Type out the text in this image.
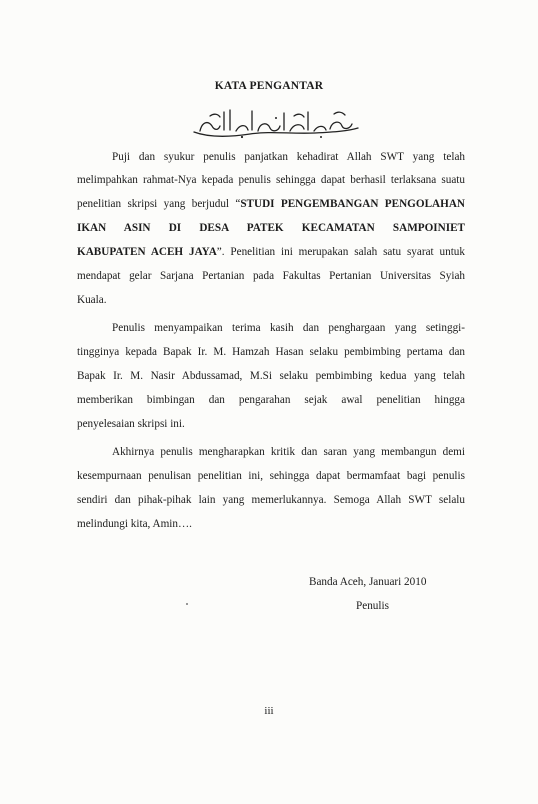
KATA PENGANTAR
Puji dan syukur penulis panjatkan kehadirat Allah SWT yang telah
melimpahkan rahmat-Nya kepada penulis sehingga dapat berhasil terlaksana suatu
penelitian skripsi yang berjudul “STUDI PENGEMBANGAN PENGOLAHAN
IKAN ASIN DI DESA PATEK KECAMATAN SAMPOINIET
KABUPATEN ACEH JAYA”. Penelitian ini merupakan salah satu syarat untuk
mendapat gelar Sarjana Pertanian pada Fakultas Pertanian Universitas Syiah
Kuala.
Penulis menyampaikan terima kasih dan penghargaan yang setinggi-
tingginya kepada Bapak Ir. M. Hamzah Hasan selaku pembimbing pertama dan
Bapak Ir. M. Nasir Abdussamad, M.Si selaku pembimbing kedua yang telah
memberikan bimbingan dan pengarahan sejak awal penelitian hingga
penyelesaian skripsi ini.
Akhirnya penulis mengharapkan kritik dan saran yang membangun demi
kesempurnaan penulisan penelitian ini, sehingga dapat bermamfaat bagi penulis
sendiri dan pihak-pihak lain yang memerlukannya. Semoga Allah SWT selalu
melindungi kita, Amin….
Banda Aceh, Januari 2010
Penulis
iii
